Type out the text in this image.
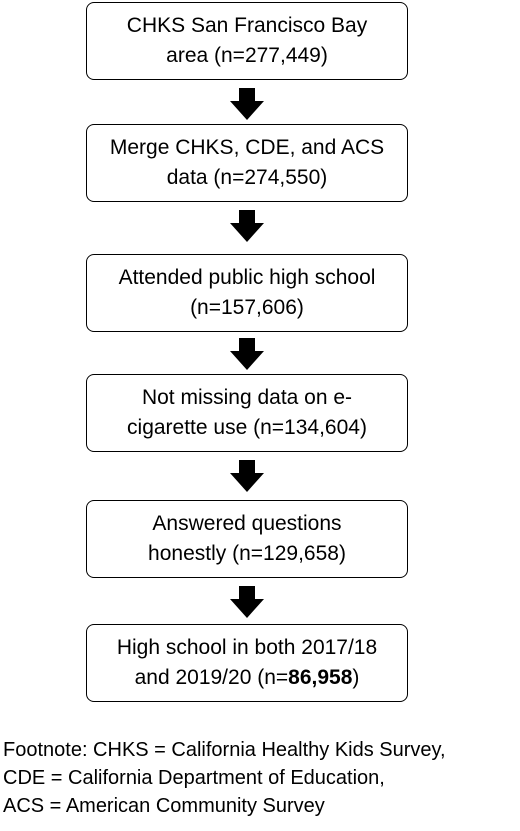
CHKS San Francisco Bay
area (n=277,449)
Merge CHKS, CDE, and ACS
data (n=274,550)
Attended public high school
(n=157,606)
Not missing data on e-
cigarette use (n=134,604)
Answered questions
honestly (n=129,658)
High school in both 2017/18
and 2019/20 (n=86,958)
Footnote: CHKS = California Healthy Kids Survey,
CDE = California Department of Education,
ACS = American Community Survey
